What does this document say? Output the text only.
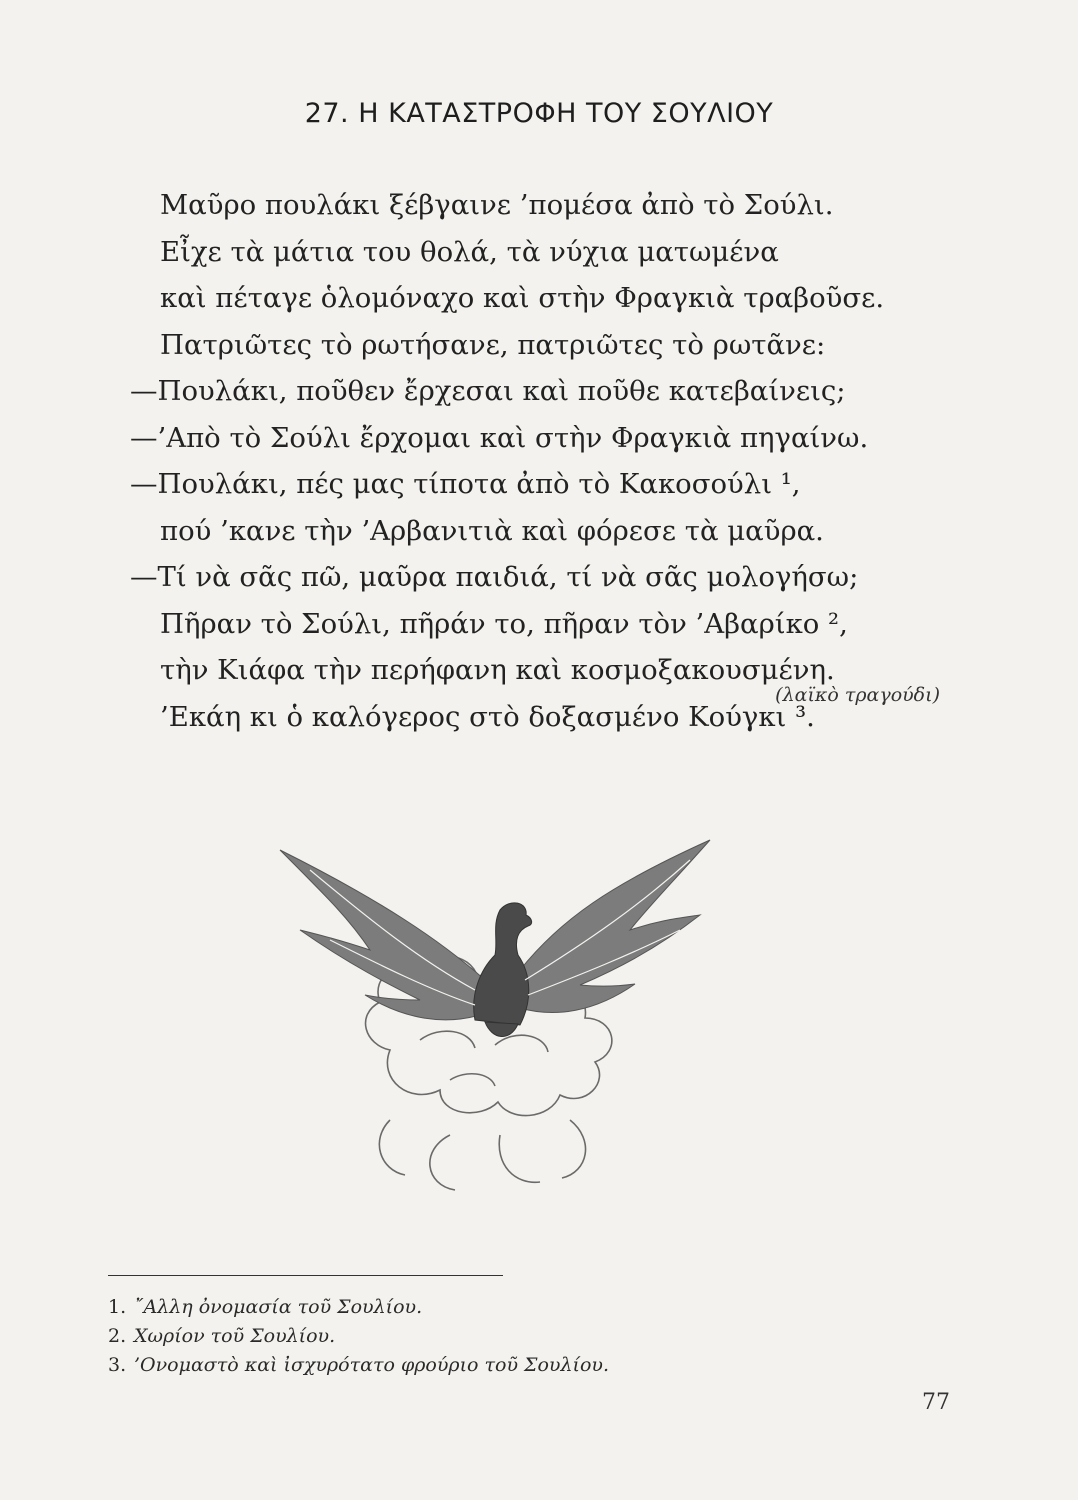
27. Η ΚΑΤΑΣΤΡΟΦΗ ΤΟΥ ΣΟΥΛΙΟΥ
Μαῦρο πουλάκι ξέβγαινε ’πομέσα ἀπὸ τὸ Σούλι.
Εἶχε τὰ μάτια του θολά, τὰ νύχια ματωμένα
καὶ πέταγε ὁλομόναχο καὶ στὴν Φραγκιὰ τραβοῦσε.
Πατριῶτες τὸ ρωτήσανε, πατριῶτες τὸ ρωτᾶνε:
—Πουλάκι, ποῦθεν ἔρχεσαι καὶ ποῦθε κατεβαίνεις;
—’Απὸ τὸ Σούλι ἔρχομαι καὶ στὴν Φραγκιὰ πηγαίνω.
—Πουλάκι, πές μας τίποτα ἀπὸ τὸ Κακοσούλι ¹,
πού ’κανε τὴν ’Αρβανιτιὰ καὶ φόρεσε τὰ μαῦρα.
—Τί νὰ σᾶς πῶ, μαῦρα παιδιά, τί νὰ σᾶς μολογήσω;
Πῆραν τὸ Σούλι, πῆράν το, πῆραν τὸν ’Αβαρίκο ²,
τὴν Κιάφα τὴν περήφανη καὶ κοσμοξακουσμένη.
’Εκάη κι ὁ καλόγερος στὸ δοξασμένο Κούγκι ³.
(λαϊκὸ τραγούδι)
1. ῎Αλλη ὀνομασία τοῦ Σουλίου.
2. Χωρίον τοῦ Σουλίου.
3. ’Ονομαστὸ καὶ ἰσχυρότατο φρούριο τοῦ Σουλίου.
77
